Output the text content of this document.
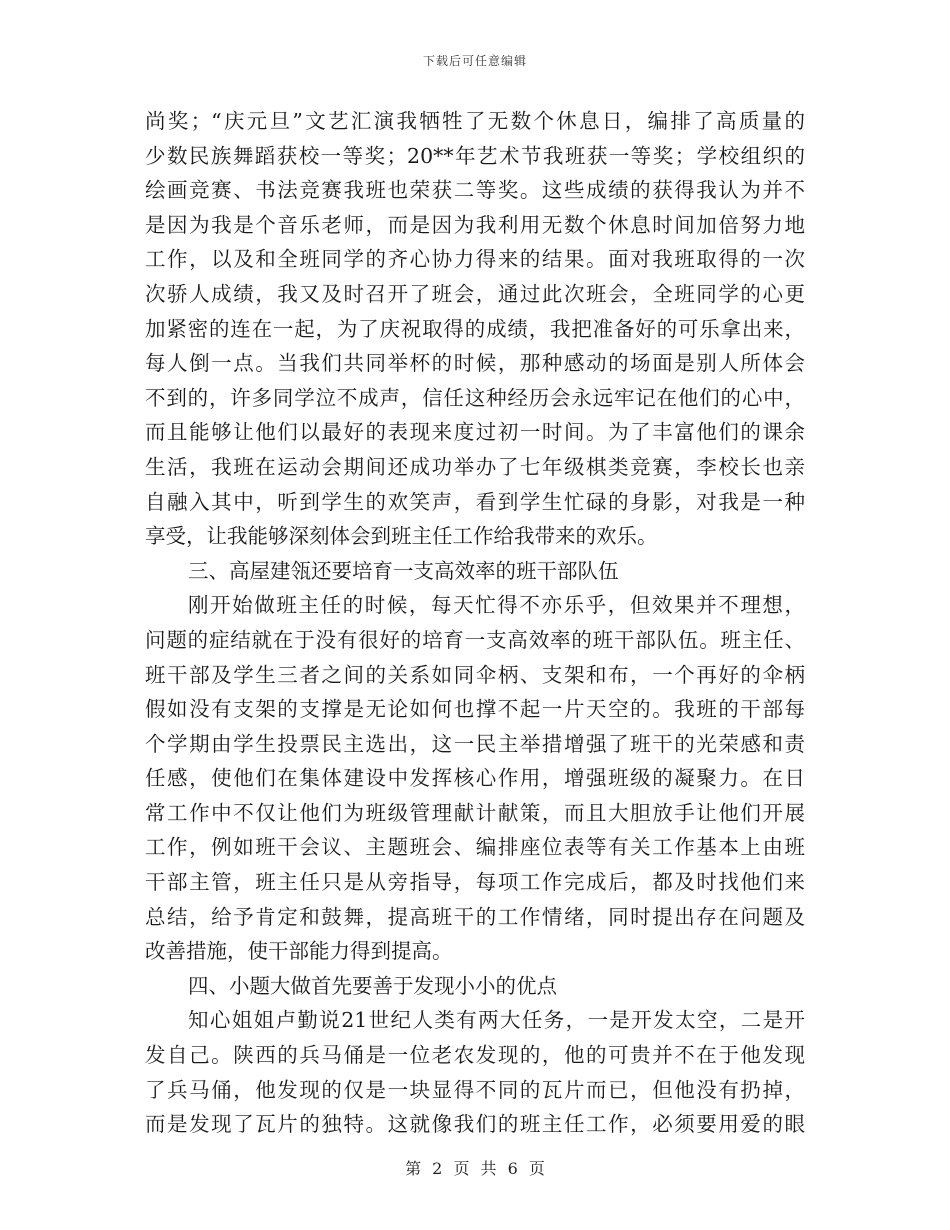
下载后可任意编辑
尚奖；“庆元旦”文艺汇演我牺牲了无数个休息日，编排了高质量的
少数民族舞蹈获校一等奖；20**年艺术节我班获一等奖；学校组织的
绘画竞赛、书法竞赛我班也荣获二等奖。这些成绩的获得我认为并不
是因为我是个音乐老师，而是因为我利用无数个休息时间加倍努力地
工作，以及和全班同学的齐心协力得来的结果。面对我班取得的一次
次骄人成绩，我又及时召开了班会，通过此次班会，全班同学的心更
加紧密的连在一起，为了庆祝取得的成绩，我把准备好的可乐拿出来，
每人倒一点。当我们共同举杯的时候，那种感动的场面是别人所体会
不到的，许多同学泣不成声，信任这种经历会永远牢记在他们的心中，
而且能够让他们以最好的表现来度过初一时间。为了丰富他们的课余
生活，我班在运动会期间还成功举办了七年级棋类竞赛，李校长也亲
自融入其中，听到学生的欢笑声，看到学生忙碌的身影，对我是一种
享受，让我能够深刻体会到班主任工作给我带来的欢乐。
三、高屋建瓴还要培育一支高效率的班干部队伍
刚开始做班主任的时候，每天忙得不亦乐乎，但效果并不理想，
问题的症结就在于没有很好的培育一支高效率的班干部队伍。班主任、
班干部及学生三者之间的关系如同伞柄、支架和布，一个再好的伞柄
假如没有支架的支撑是无论如何也撑不起一片天空的。我班的干部每
个学期由学生投票民主选出，这一民主举措增强了班干的光荣感和责
任感，使他们在集体建设中发挥核心作用，增强班级的凝聚力。在日
常工作中不仅让他们为班级管理献计献策，而且大胆放手让他们开展
工作，例如班干会议、主题班会、编排座位表等有关工作基本上由班
干部主管，班主任只是从旁指导，每项工作完成后，都及时找他们来
总结，给予肯定和鼓舞，提高班干的工作情绪，同时提出存在问题及
改善措施，使干部能力得到提高。
四、小题大做首先要善于发现小小的优点
知心姐姐卢勤说21世纪人类有两大任务，一是开发太空，二是开
发自己。陕西的兵马俑是一位老农发现的，他的可贵并不在于他发现
了兵马俑，他发现的仅是一块显得不同的瓦片而已，但他没有扔掉，
而是发现了瓦片的独特。这就像我们的班主任工作，必须要用爱的眼
第 2 页 共 6 页
